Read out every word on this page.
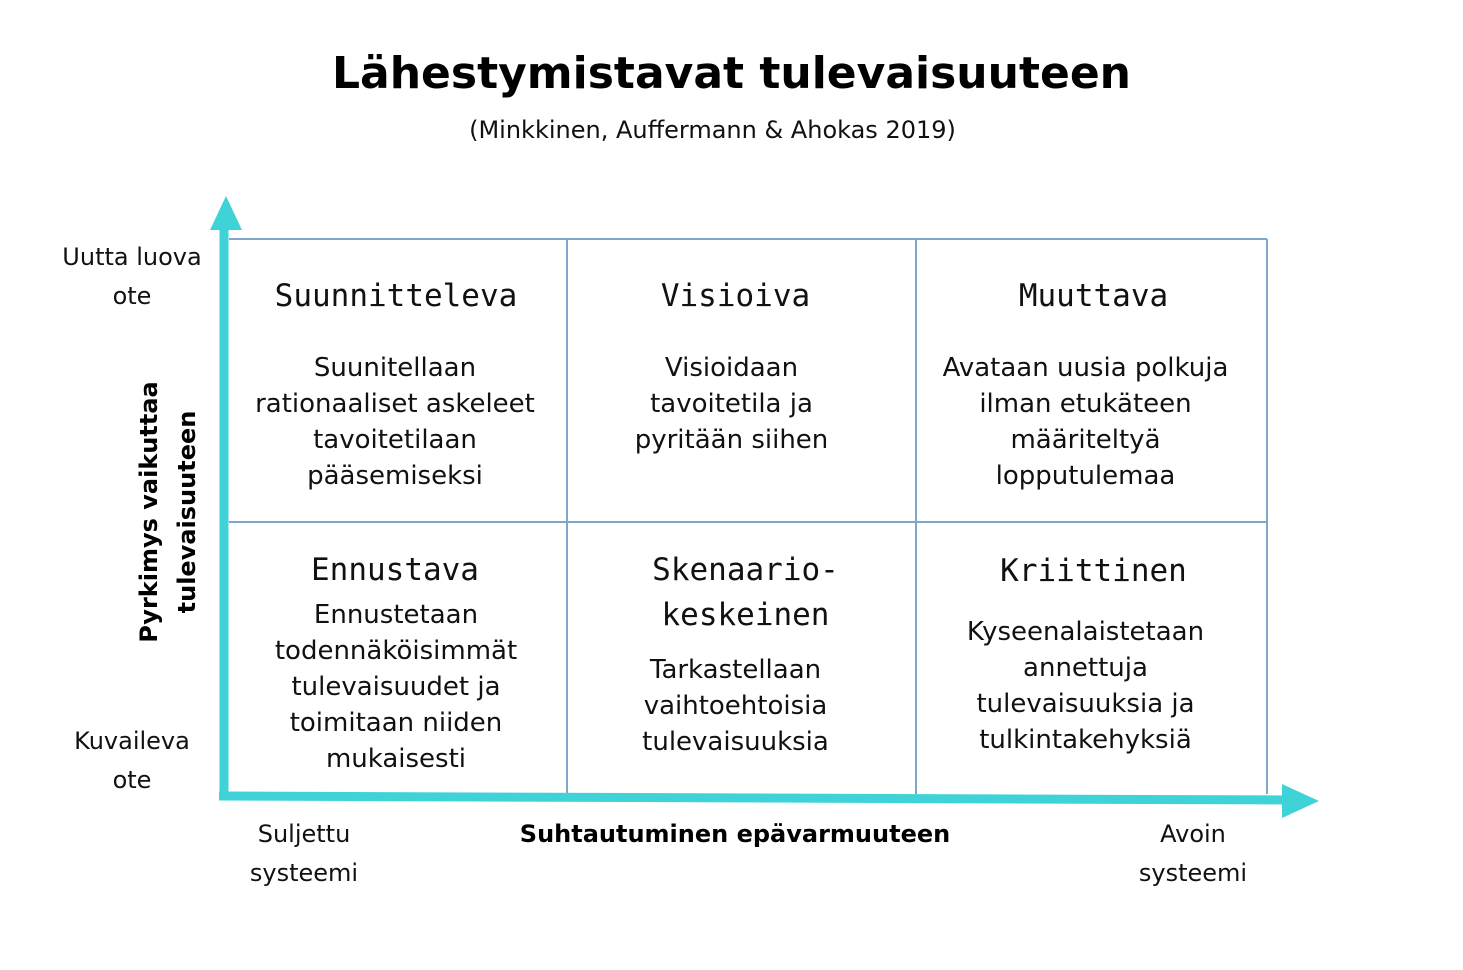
Lähestymistavat tulevaisuuteen
(Minkkinen, Auffermann & Ahokas 2019)
Suunnitteleva
Suunitellaan
rationaaliset askeleet
tavoitetilaan
pääsemiseksi
Visioiva
Visioidaan
tavoitetila ja
pyritään siihen
Muuttava
Avataan uusia polkuja
ilman etukäteen
määriteltyä
lopputulemaa
Ennustava
Ennustetaan
todennäköisimmät
tulevaisuudet ja
toimitaan niiden
mukaisesti
Skenaario-
keskeinen
Tarkastellaan
vaihtoehtoisia
tulevaisuuksia
Kriittinen
Kyseenalaistetaan
annettuja
tulevaisuuksia ja
tulkintakehyksiä
Uutta luova
ote
Kuvaileva
ote
Pyrkimys vaikuttaa
tulevaisuuteen
Suljettu
systeemi
Avoin
systeemi
Suhtautuminen epävarmuuteen
